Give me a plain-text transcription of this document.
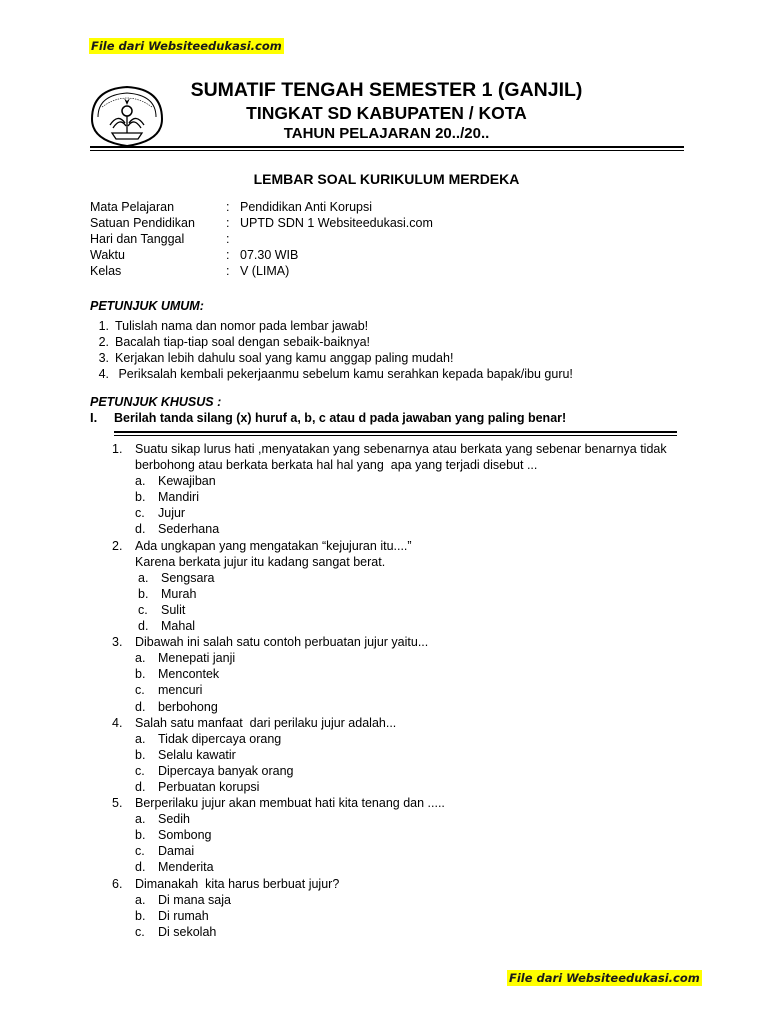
File dari Websiteedukasi.com
SUMATIF TENGAH SEMESTER 1 (GANJIL)
TINGKAT SD KABUPATEN / KOTA
TAHUN PELAJARAN 20../20..
LEMBAR SOAL KURIKULUM MERDEKA
Mata Pelajaran	: Pendidikan Anti Korupsi
Satuan Pendidikan	: UPTD SDN 1 Websiteedukasi.com
Hari dan Tanggal	:
Waktu	: 07.30 WIB
Kelas	: V (LIMA)
PETUNJUK UMUM:
1. Tulislah nama dan nomor pada lembar jawab!
2. Bacalah tiap-tiap soal dengan sebaik-baiknya!
3. Kerjakan lebih dahulu soal yang kamu anggap paling mudah!
4. Periksalah kembali pekerjaanmu sebelum kamu serahkan kepada bapak/ibu guru!
PETUNJUK KHUSUS :
I.	Berilah tanda silang (x) huruf a, b, c atau d pada jawaban yang paling benar!
1.	Suatu sikap lurus hati ,menyatakan yang sebenarnya atau berkata yang sebenar benarnya tidak
berbohong atau berkata berkata hal hal yang  apa yang terjadi disebut ...
a.	Kewajiban
b.	Mandiri
c.	Jujur
d.	Sederhana
2.	Ada ungkapan yang mengatakan “kejujuran itu....”
Karena berkata jujur itu kadang sangat berat.
a.	Sengsara
b.	Murah
c.	Sulit
d.	Mahal
3.	Dibawah ini salah satu contoh perbuatan jujur yaitu...
a.	Menepati janji
b.	Mencontek
c.	mencuri
d.	berbohong
4.	Salah satu manfaat  dari perilaku jujur adalah...
a.	Tidak dipercaya orang
b.	Selalu kawatir
c.	Dipercaya banyak orang
d.	Perbuatan korupsi
5.	Berperilaku jujur akan membuat hati kita tenang dan .....
a.	Sedih
b.	Sombong
c.	Damai
d.	Menderita
6.	Dimanakah  kita harus berbuat jujur?
a.	Di mana saja
b.	Di rumah
c.	Di sekolah
File dari Websiteedukasi.com
